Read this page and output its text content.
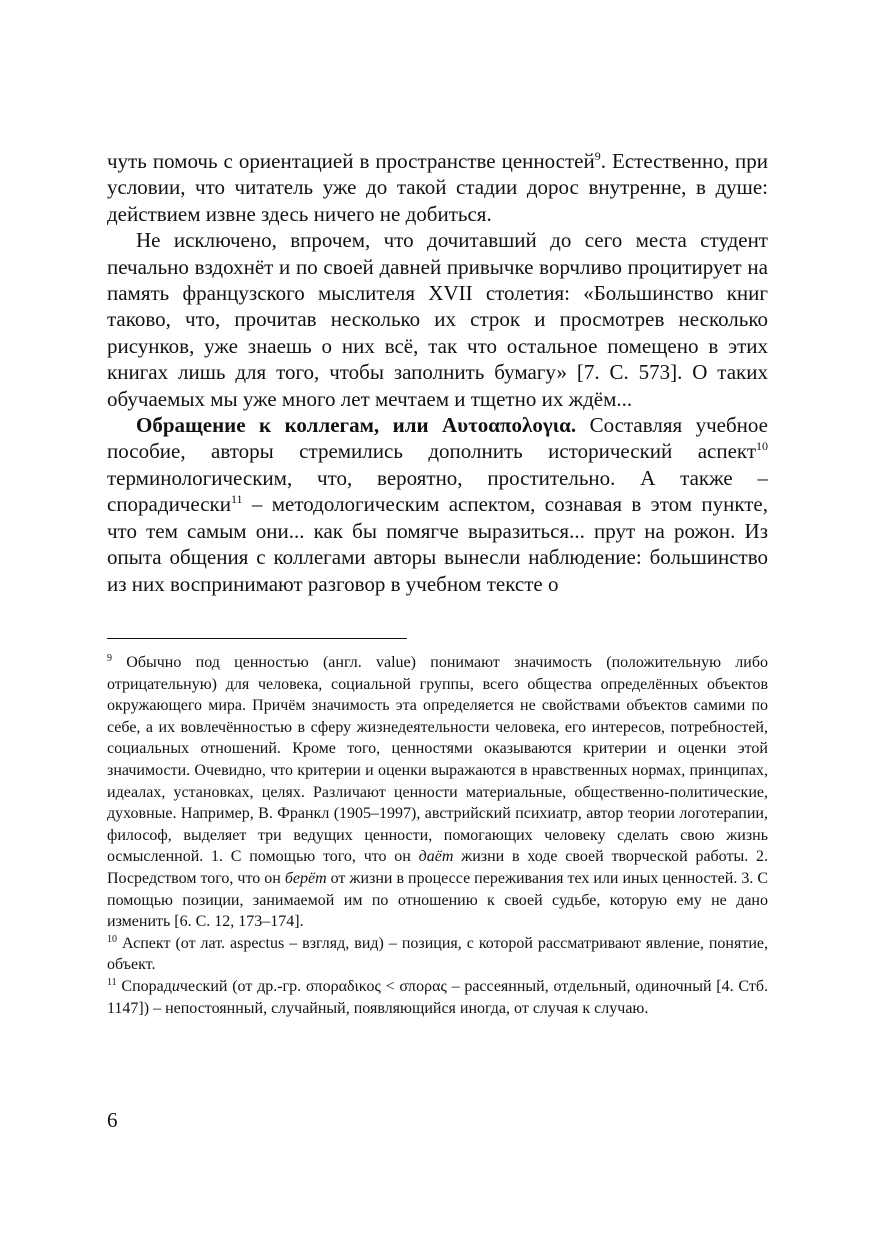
чуть помочь с ориентацией в пространстве ценностей$^9$. Естественно, при условии, что читатель уже до такой стадии дорос внутренне, в душе: действием извне здесь ничего не добиться.

Не исключено, впрочем, что дочитавший до сего места студент печально вздохнёт и по своей давней привычке ворчливо процитирует на память французского мыслителя XVII столетия: «Большинство книг таково, что, прочитав несколько их строк и просмотрев несколько рисунков, уже знаешь о них всё, так что остальное помещено в этих книгах лишь для того, чтобы заполнить бумагу» [7. С. 573]. О таких обучаемых мы уже много лет мечтаем и тщетно их ждём...

Обращение к коллегам, или Αυτοαπολογια. Составляя учебное пособие, авторы стремились дополнить исторический аспект$^{10}$ терминологическим, что, вероятно, простительно. А также – спорадически$^{11}$ – методологическим аспектом, сознавая в этом пункте, что тем самым они... как бы помягче выразиться... прут на рожон. Из опыта общения с коллегами авторы вынесли наблюдение: большинство из них воспринимают разговор в учебном тексте о

$^9$ Обычно под ценностью (англ. value) понимают значимость (положительную либо отрицательную) для человека, социальной группы, всего общества определённых объектов окружающего мира. Причём значимость эта определяется не свойствами объектов самими по себе, а их вовлечённостью в сферу жизнедеятельности человека, его интересов, потребностей, социальных отношений. Кроме того, ценностями оказываются критерии и оценки этой значимости. Очевидно, что критерии и оценки выражаются в нравственных нормах, принципах, идеалах, установках, целях. Различают ценности материальные, общественно-политические, духовные. Например, В. Франкл (1905–1997), австрийский психиатр, автор теории логотерапии, философ, выделяет три ведущих ценности, помогающих человеку сделать свою жизнь осмысленной. 1. С помощью того, что он даёт жизни в ходе своей творческой работы. 2. Посредством того, что он берёт от жизни в процессе переживания тех или иных ценностей. 3. С помощью позиции, занимаемой им по отношению к своей судьбе, которую ему не дано изменить [6. С. 12, 173–174].

$^{10}$ Аспект (от лат. aspectus – взгляд, вид) – позиция, с которой рассматривают явление, понятие, объект.

$^{11}$ Спорадический (от др.-гр. σποραδικος < σπορας – рассеянный, отдельный, одиночный [4. Стб. 1147]) – непостоянный, случайный, появляющийся иногда, от случая к случаю.

6
